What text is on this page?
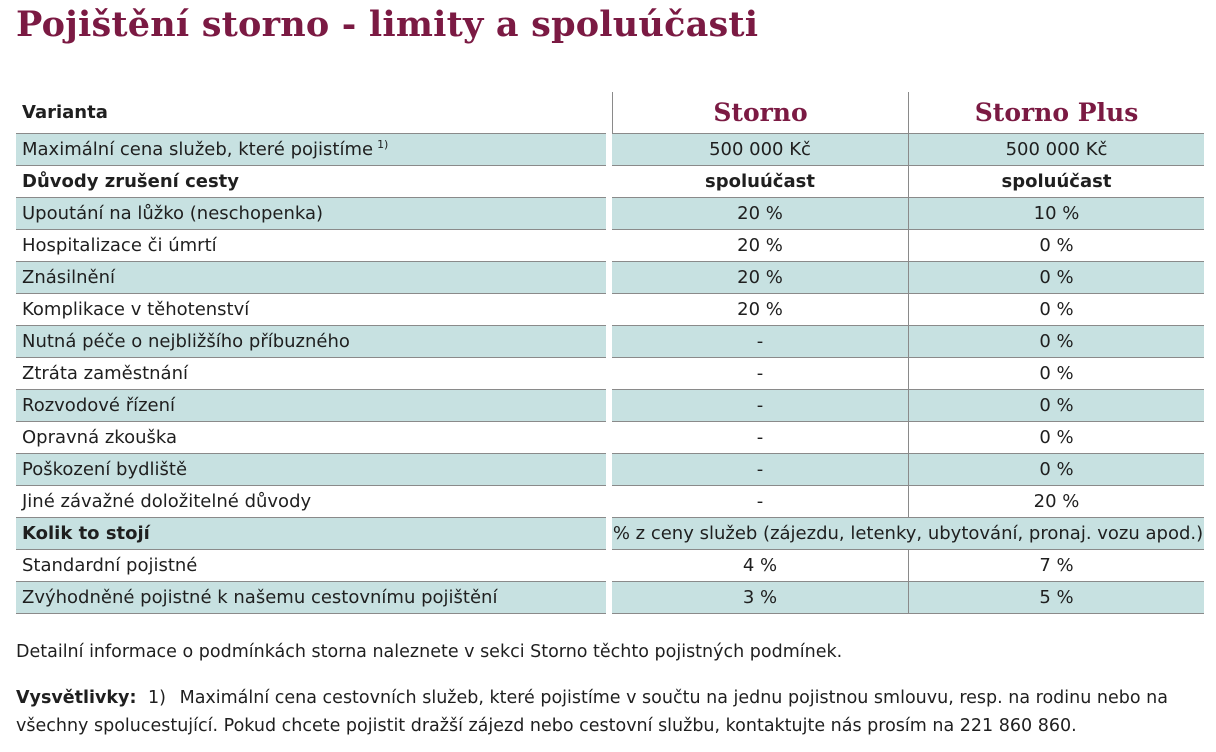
Pojištění storno - limity a spoluúčasti
Varianta		Storno	Storno Plus
Maximální cena služeb, které pojistíme $^{1)}$		500 000 Kč	500 000 Kč
Důvody zrušení cesty		spoluúčast	spoluúčast
Upoutání na lůžko (neschopenka)		20 %	10 %
Hospitalizace či úmrtí		20 %	0 %
Znásilnění		20 %	0 %
Komplikace v těhotenství		20 %	0 %
Nutná péče o nejbližšího příbuzného		-	0 %
Ztráta zaměstnání		-	0 %
Rozvodové řízení		-	0 %
Opravná zkouška		-	0 %
Poškození bydliště		-	0 %
Jiné závažné doložitelné důvody		-	20 %
Kolik to stojí		% z ceny služeb (zájezdu, letenky, ubytování, pronaj. vozu apod.)	
Standardní pojistné		4 %	7 %
Zvýhodněné pojistné k našemu cestovnímu pojištění		3 %	5 %

Detailní informace o podmínkách storna naleznete v sekci Storno těchto pojistných podmínek.

Vysvětlivky: 1) Maximální cena cestovních služeb, které pojistíme v součtu na jednu pojistnou smlouvu, resp. na rodinu nebo na všechny spolucestující. Pokud chcete pojistit dražší zájezd nebo cestovní službu, kontaktujte nás prosím na 221 860 860.
